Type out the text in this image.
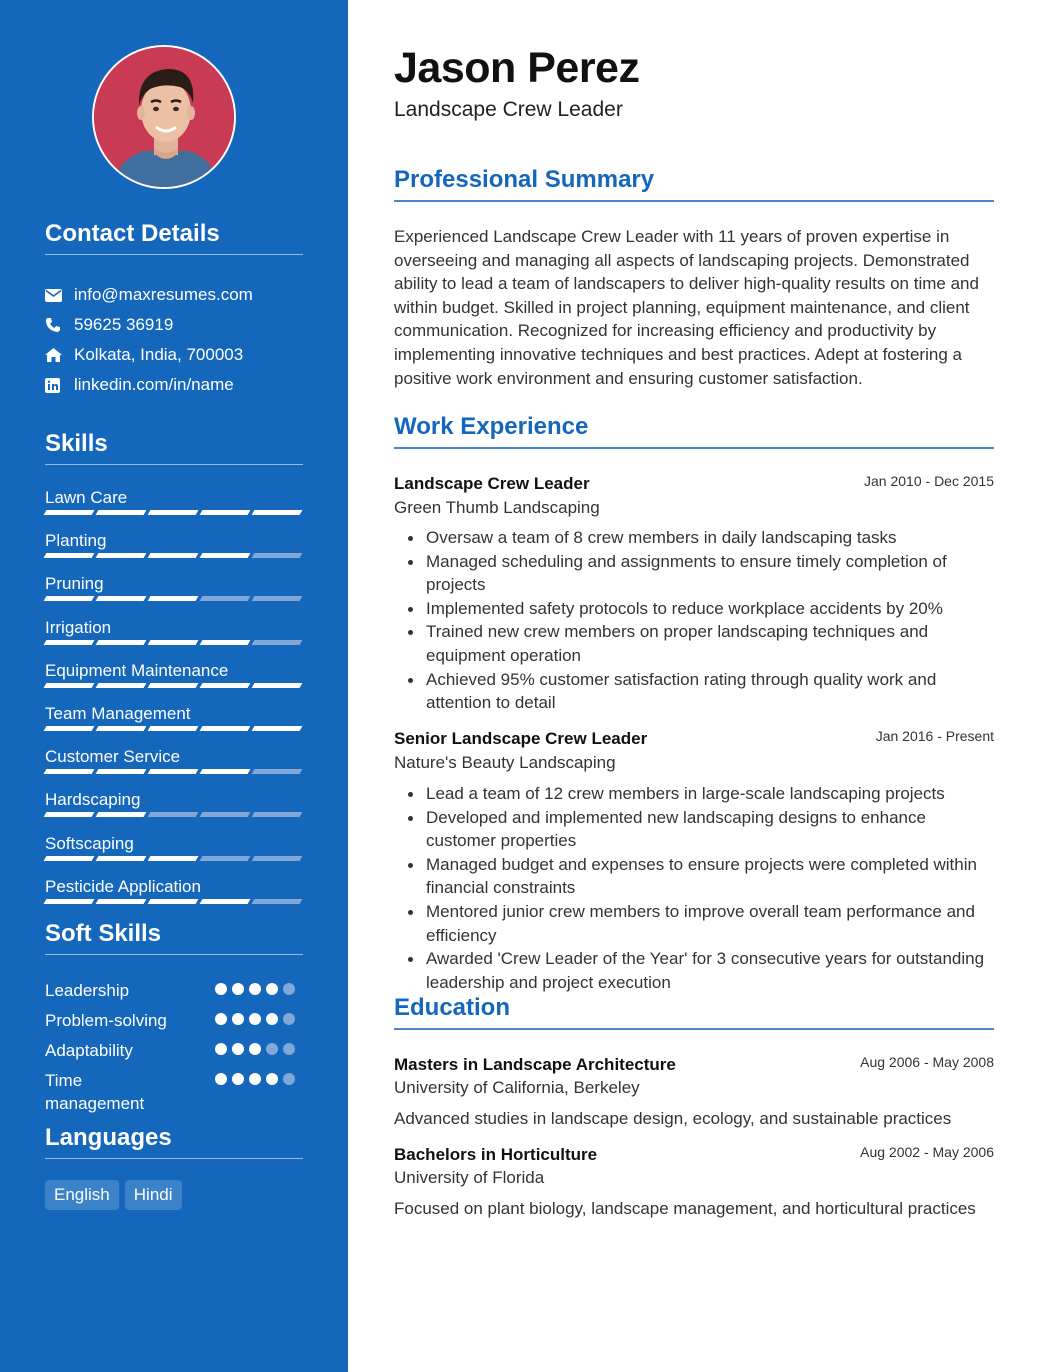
Contact Details
info@maxresumes.com
59625 36919
Kolkata, India, 700003
linkedin.com/in/name
Skills
Lawn Care
Planting
Pruning
Irrigation
Equipment Maintenance
Team Management
Customer Service
Hardscaping
Softscaping
Pesticide Application
Soft Skills
Leadership
Problem-solving
Adaptability
Time management
Languages
English	Hindi
Jason Perez
Landscape Crew Leader
Professional Summary
Experienced Landscape Crew Leader with 11 years of proven expertise in overseeing and managing all aspects of landscaping projects. Demonstrated ability to lead a team of landscapers to deliver high-quality results on time and within budget. Skilled in project planning, equipment maintenance, and client communication. Recognized for increasing efficiency and productivity by implementing innovative techniques and best practices. Adept at fostering a positive work environment and ensuring customer satisfaction.
Work Experience
Landscape Crew Leader	Jan 2010 - Dec 2015
Green Thumb Landscaping
Oversaw a team of 8 crew members in daily landscaping tasks
Managed scheduling and assignments to ensure timely completion of projects
Implemented safety protocols to reduce workplace accidents by 20%
Trained new crew members on proper landscaping techniques and equipment operation
Achieved 95% customer satisfaction rating through quality work and attention to detail
Senior Landscape Crew Leader	Jan 2016 - Present
Nature's Beauty Landscaping
Lead a team of 12 crew members in large-scale landscaping projects
Developed and implemented new landscaping designs to enhance customer properties
Managed budget and expenses to ensure projects were completed within financial constraints
Mentored junior crew members to improve overall team performance and efficiency
Awarded 'Crew Leader of the Year' for 3 consecutive years for outstanding leadership and project execution
Education
Masters in Landscape Architecture	Aug 2006 - May 2008
University of California, Berkeley
Advanced studies in landscape design, ecology, and sustainable practices
Bachelors in Horticulture	Aug 2002 - May 2006
University of Florida
Focused on plant biology, landscape management, and horticultural practices
